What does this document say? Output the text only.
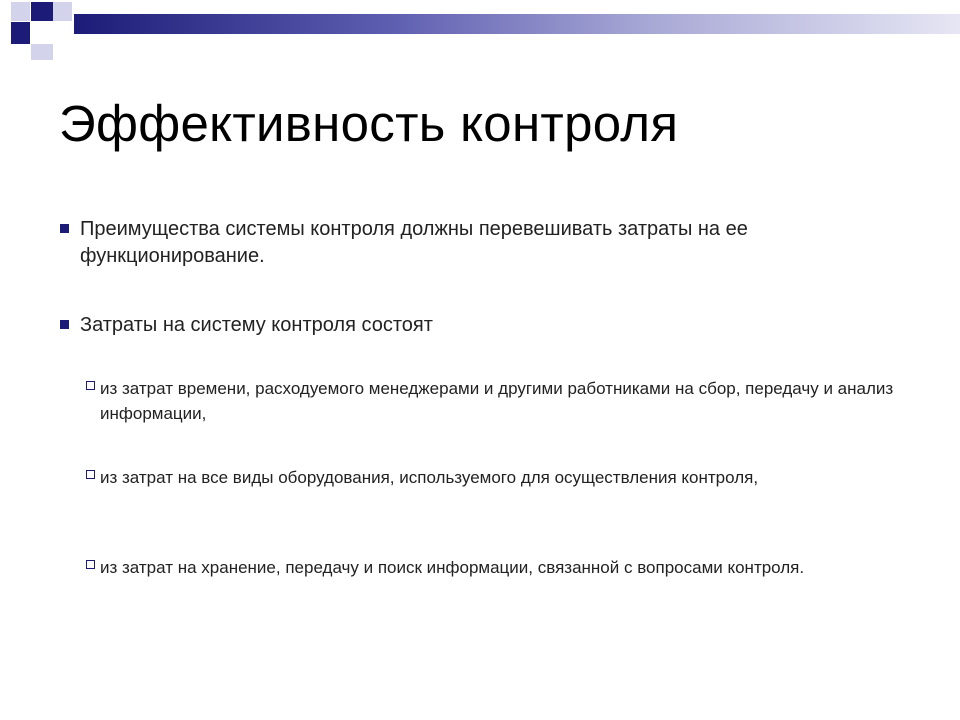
Эффективность контроля
Преимущества системы контроля должны перевешивать затраты на ее функционирование.
Затраты на систему контроля состоят
из затрат времени, расходуемого менеджерами и другими работниками на сбор, передачу и анализ информации,
из затрат на все виды оборудования, используемого для осуществления контроля,
из затрат на хранение, передачу и поиск информации, связанной с вопросами контроля.
